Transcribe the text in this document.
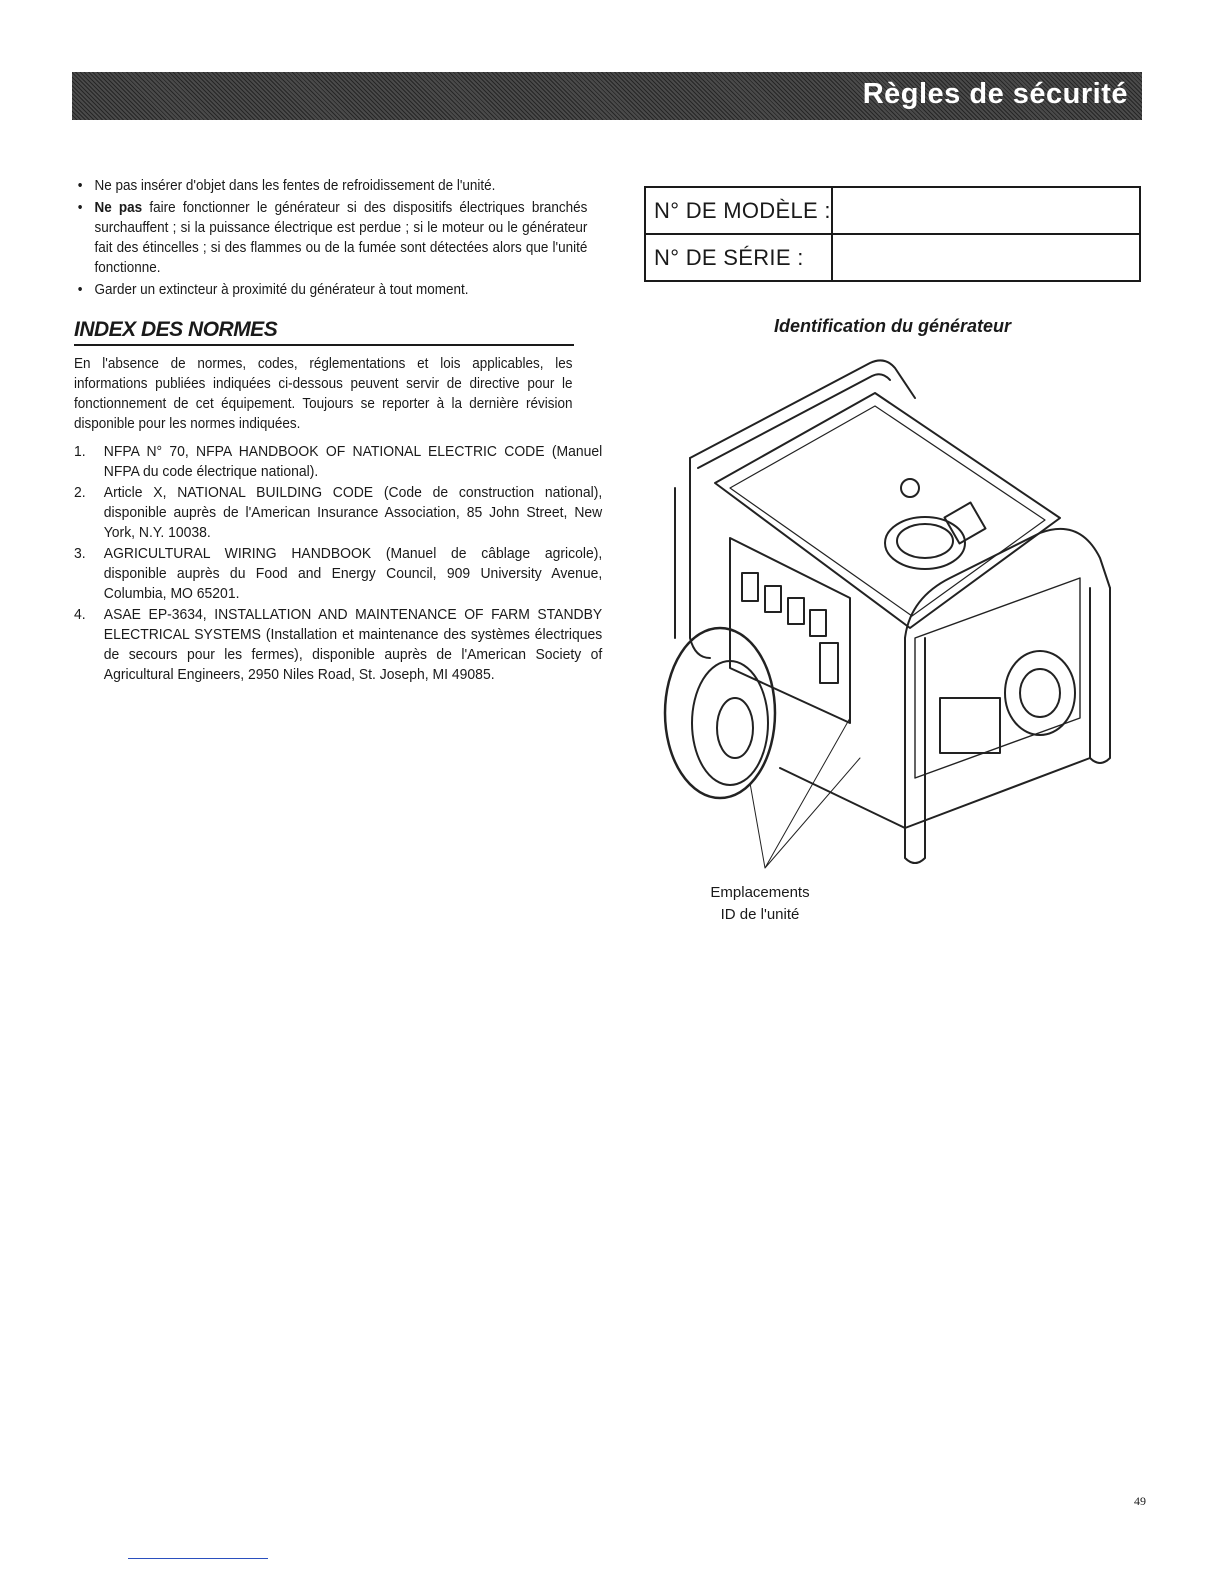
Règles de sécurité
• Ne pas insérer d'objet dans les fentes de refroidissement de l'unité.
• Ne pas faire fonctionner le générateur si des dispositifs électriques branchés surchauffent ; si la puissance électrique est perdue ; si le moteur ou le générateur fait des étincelles ; si des flammes ou de la fumée sont détectées alors que l'unité fonctionne.
• Garder un extincteur à proximité du générateur à tout moment.
INDEX DES NORMES
En l'absence de normes, codes, réglementations et lois applicables, les informations publiées indiquées ci-dessous peuvent servir de directive pour le fonctionnement de cet équipement. Toujours se reporter à la dernière révision disponible pour les normes indiquées.
1. NFPA N° 70, NFPA HANDBOOK OF NATIONAL ELECTRIC CODE (Manuel NFPA du code électrique national).
2. Article X, NATIONAL BUILDING CODE (Code de construction national), disponible auprès de l'American Insurance Association, 85 John Street, New York, N.Y. 10038.
3. AGRICULTURAL WIRING HANDBOOK (Manuel de câblage agricole), disponible auprès du Food and Energy Council, 909 University Avenue, Columbia, MO 65201.
4. ASAE EP-3634, INSTALLATION AND MAINTENANCE OF FARM STANDBY ELECTRICAL SYSTEMS (Installation et maintenance des systèmes électriques de secours pour les fermes), disponible auprès de l'American Society of Agricultural Engineers, 2950 Niles Road, St. Joseph, MI 49085.
N° DE MODÈLE :	
N° DE SÉRIE :	
Identification du générateur
Emplacements
ID de l'unité
49
